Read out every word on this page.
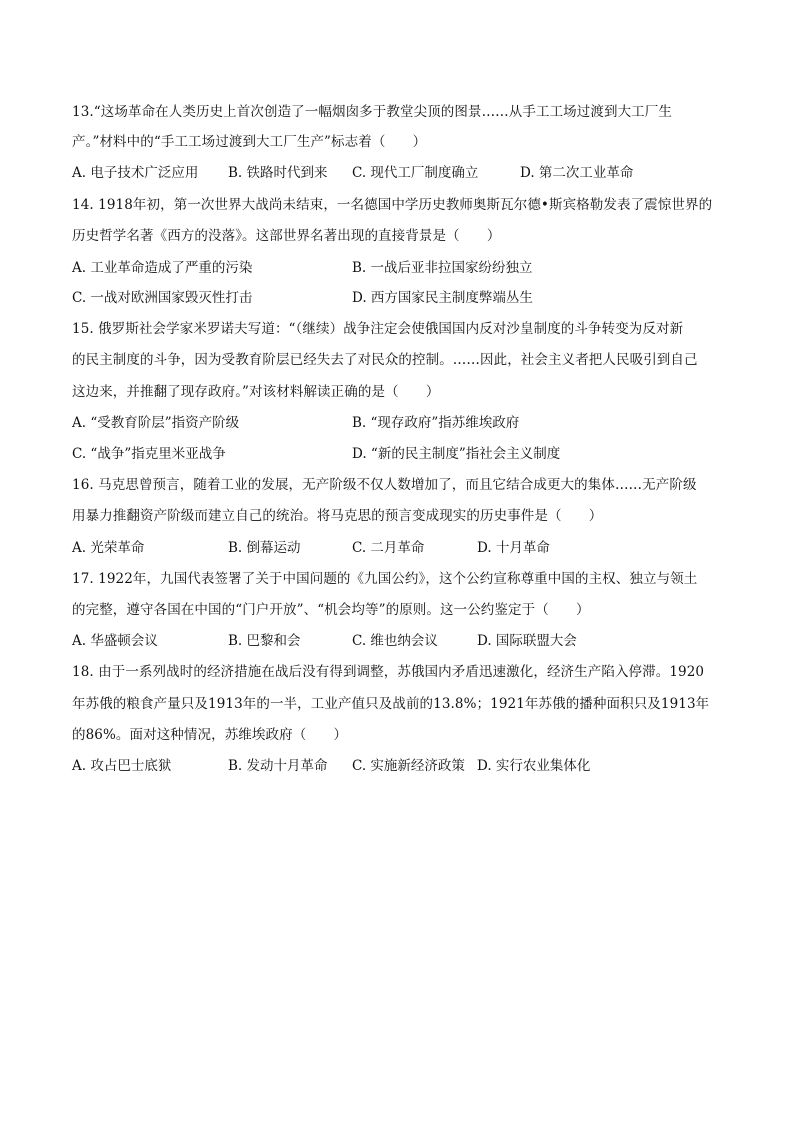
13.“这场革命在人类历史上首次创造了一幅烟囱多于教堂尖顶的图景……从手工工场过渡到大工厂生
产。”材料中的“手工工场过渡到大工厂生产”标志着（　　）
A. 电子技术广泛应用 B. 铁路时代到来 C. 现代工厂制度确立	D. 第二次工业革命
14. 1918年初，第一次世界大战尚未结束，一名德国中学历史教师奥斯瓦尔德•斯宾格勒发表了震惊世界的
历史哲学名著《西方的没落》。这部世界名著出现的直接背景是（　　）
A. 工业革命造成了严重的污染	B. 一战后亚非拉国家纷纷独立
C. 一战对欧洲国家毁灭性打击	D. 西方国家民主制度弊端丛生
15. 俄罗斯社会学家米罗诺夫写道：“（继续）战争注定会使俄国国内反对沙皇制度的斗争转变为反对新
的民主制度的斗争，因为受教育阶层已经失去了对民众的控制。……因此，社会主义者把人民吸引到自己
这边来，并推翻了现存政府。”对该材料解读正确的是（　　）
A. “受教育阶层”指资产阶级	B. “现存政府”指苏维埃政府
C. “战争”指克里米亚战争	D. “新的民主制度”指社会主义制度
16. 马克思曾预言，随着工业的发展，无产阶级不仅人数增加了，而且它结合成更大的集体……无产阶级
用暴力推翻资产阶级而建立自己的统治。将马克思的预言变成现实的历史事件是（　　）
A. 光荣革命	B. 倒幕运动	C. 二月革命	D. 十月革命
17. 1922年，九国代表签署了关于中国问题的《九国公约》，这个公约宣称尊重中国的主权、独立与领土
的完整，遵守各国在中国的“门户开放”、“机会均等”的原则。这一公约鉴定于（　　）
A. 华盛顿会议	B. 巴黎和会	C. 维也纳会议	D. 国际联盟大会
18. 由于一系列战时的经济措施在战后没有得到调整，苏俄国内矛盾迅速激化，经济生产陷入停滞。1920
年苏俄的粮食产量只及1913年的一半，工业产值只及战前的13.8%；1921年苏俄的播种面积只及1913年
的86%。面对这种情况，苏维埃政府（　　）
A. 攻占巴士底狱	B. 发动十月革命 C. 实施新经济政策 D. 实行农业集体化
